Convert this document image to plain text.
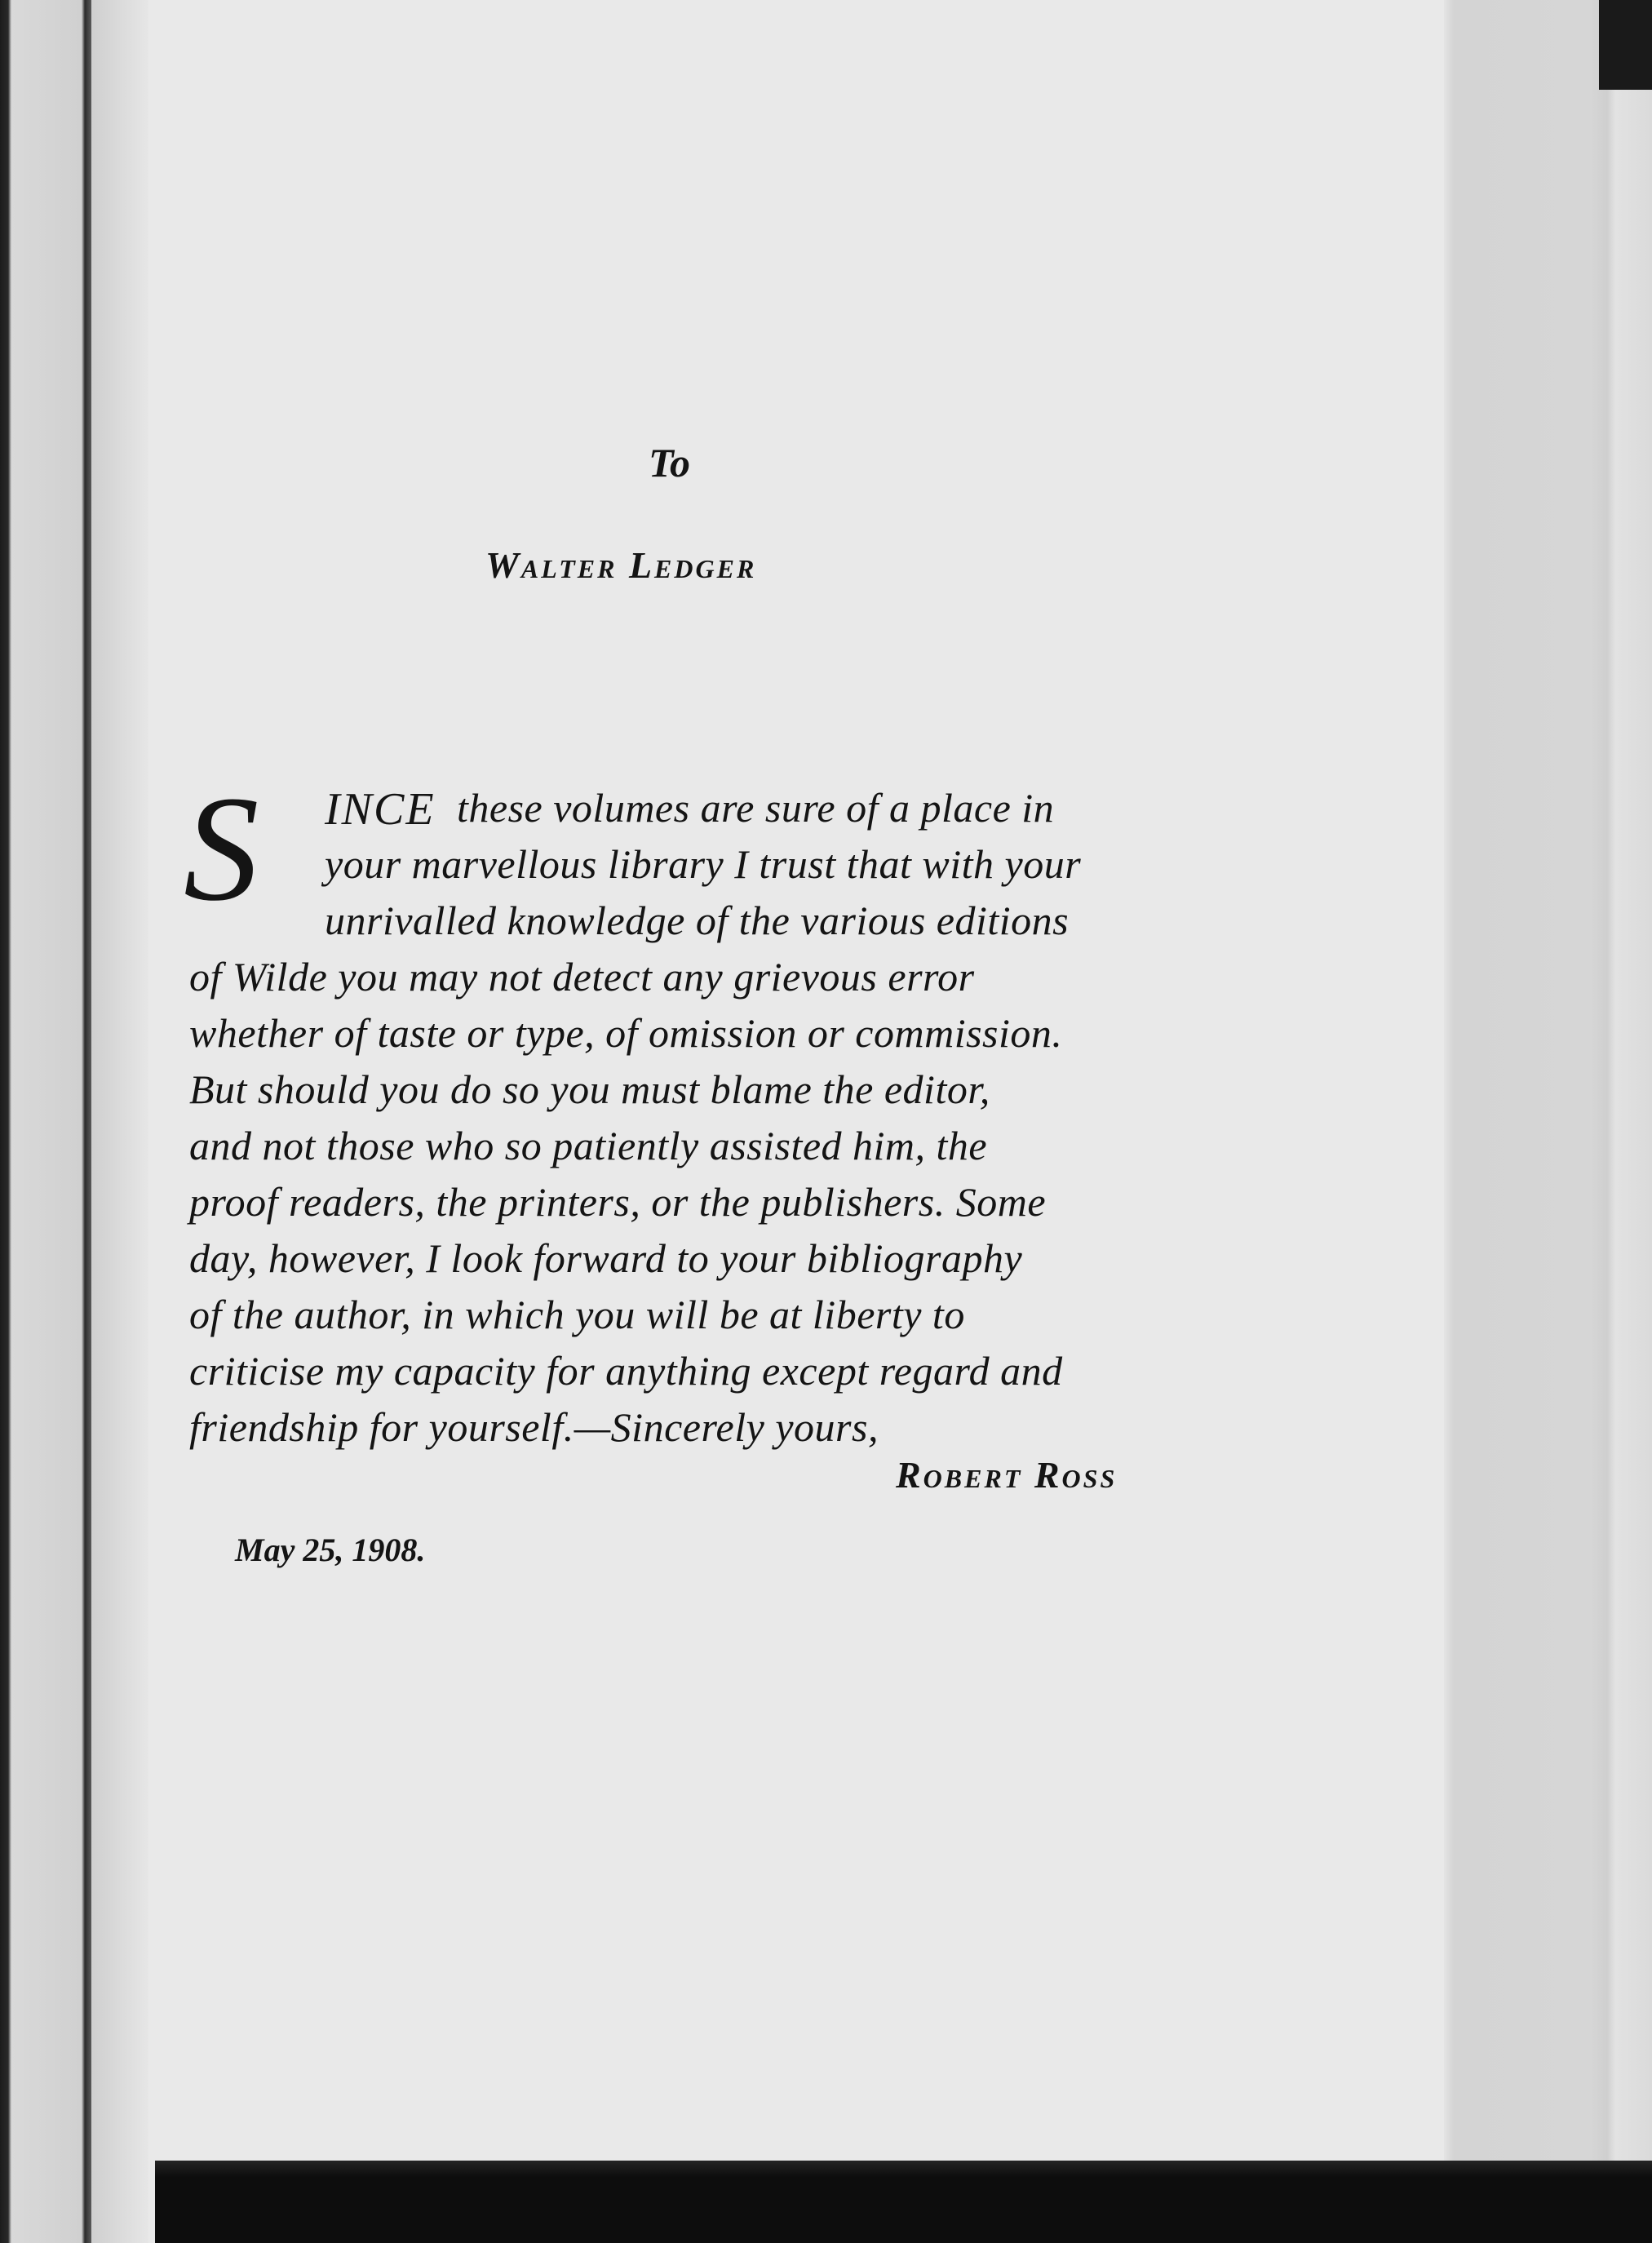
To
Walter Ledger
S INCE these volumes are sure of a place in
your marvellous library I trust that with your
unrivalled knowledge of the various editions
of Wilde you may not detect any grievous error
whether of taste or type, of omission or commission.
But should you do so you must blame the editor,
and not those who so patiently assisted him, the
proof readers, the printers, or the publishers. Some
day, however, I look forward to your bibliography
of the author, in which you will be at liberty to
criticise my capacity for anything except regard and
friendship for yourself.—Sincerely yours,
Robert Ross
May 25, 1908.
